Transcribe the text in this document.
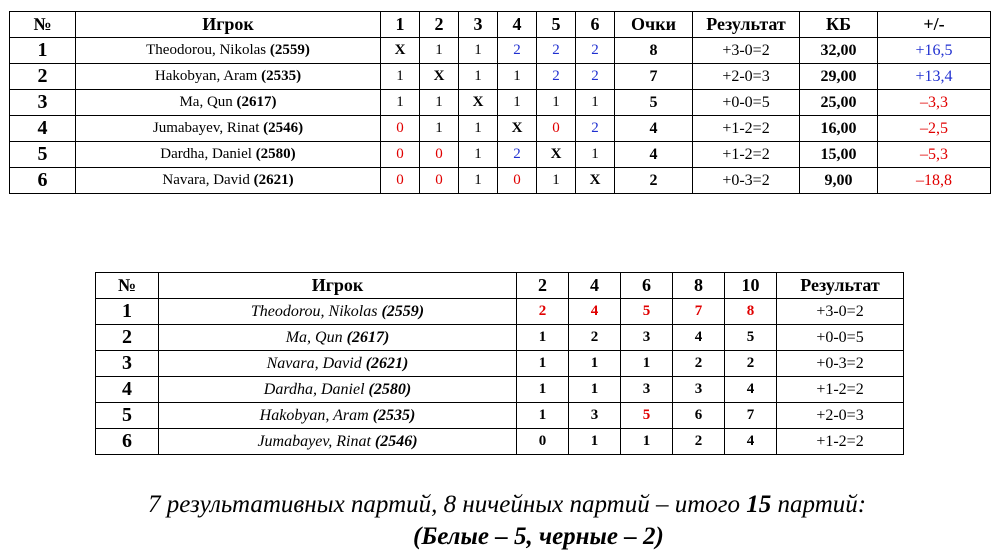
№	Игрок	1	2	3	4	5	6	Очки	Результат	КБ	+/-
1	Theodorou, Nikolas (2559)	X	1	1	2	2	2	8	+3-0=2	32,00	+16,5
2	Hakobyan, Aram (2535)	1	X	1	1	2	2	7	+2-0=3	29,00	+13,4
3	Ma, Qun (2617)	1	1	X	1	1	1	5	+0-0=5	25,00	–3,3
4	Jumabayev, Rinat (2546)	0	1	1	X	0	2	4	+1-2=2	16,00	–2,5
5	Dardha, Daniel (2580)	0	0	1	2	X	1	4	+1-2=2	15,00	–5,3
6	Navara, David (2621)	0	0	1	0	1	X	2	+0-3=2	9,00	–18,8
№	Игрок	2	4	6	8	10	Результат
1	Theodorou, Nikolas (2559)	2	4	5	7	8	+3-0=2
2	Ma, Qun (2617)	1	2	3	4	5	+0-0=5
3	Navara, David (2621)	1	1	1	2	2	+0-3=2
4	Dardha, Daniel (2580)	1	1	3	3	4	+1-2=2
5	Hakobyan, Aram (2535)	1	3	5	6	7	+2-0=3
6	Jumabayev, Rinat (2546)	0	1	1	2	4	+1-2=2
7 результативных партий, 8 ничейных партий – итого 15 партий:
(Белые – 5, черные – 2)
